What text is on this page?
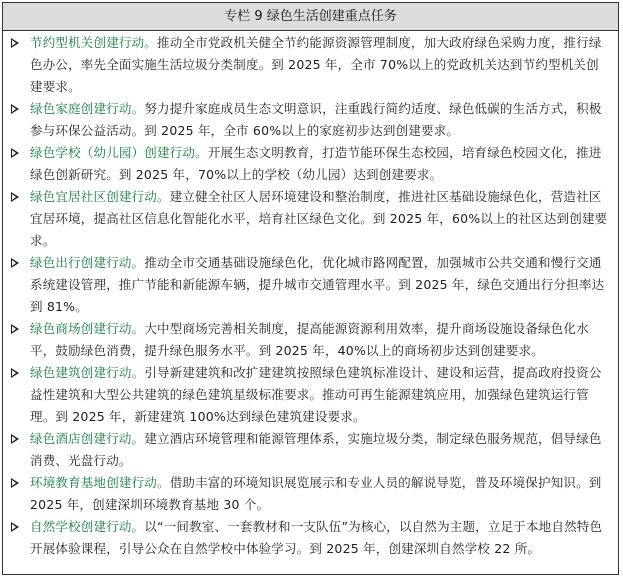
专栏 9 绿色生活创建重点任务
节约型机关创建行动。推动全市党政机关健全节约能源资源管理制度，加大政府绿色采购力度，推行绿色办公，率先全面实施生活垃圾分类制度。到 2025 年，全市 70%以上的党政机关达到节约型机关创建要求。
绿色家庭创建行动。努力提升家庭成员生态文明意识，注重践行简约适度、绿色低碳的生活方式，积极参与环保公益活动。到 2025 年，全市 60%以上的家庭初步达到创建要求。
绿色学校（幼儿园）创建行动。开展生态文明教育，打造节能环保生态校园，培育绿色校园文化，推进绿色创新研究。到 2025 年，70%以上的学校（幼儿园）达到创建要求。
绿色宜居社区创建行动。建立健全社区人居环境建设和整治制度，推进社区基础设施绿色化，营造社区宜居环境，提高社区信息化智能化水平，培育社区绿色文化。到 2025 年，60%以上的社区达到创建要求。
绿色出行创建行动。推动全市交通基础设施绿色化，优化城市路网配置，加强城市公共交通和慢行交通系统建设管理，推广节能和新能源车辆，提升城市交通管理水平。到 2025 年，绿色交通出行分担率达到 81%。
绿色商场创建行动。大中型商场完善相关制度，提高能源资源利用效率，提升商场设施设备绿色化水平，鼓励绿色消费，提升绿色服务水平。到 2025 年，40%以上的商场初步达到创建要求。
绿色建筑创建行动。引导新建建筑和改扩建建筑按照绿色建筑标准设计、建设和运营，提高政府投资公益性建筑和大型公共建筑的绿色建筑星级标准要求。推动可再生能源建筑应用，加强绿色建筑运行管理。到 2025 年，新建建筑 100%达到绿色建筑建设要求。
绿色酒店创建行动。建立酒店环境管理和能源管理体系，实施垃圾分类，制定绿色服务规范，倡导绿色消费、光盘行动。
环境教育基地创建行动。借助丰富的环境知识展览展示和专业人员的解说导览，普及环境保护知识。到 2025 年，创建深圳环境教育基地 30 个。
自然学校创建行动。以“一间教室、一套教材和一支队伍”为核心，以自然为主题，立足于本地自然特色开展体验课程，引导公众在自然学校中体验学习。到 2025 年，创建深圳自然学校 22 所。
